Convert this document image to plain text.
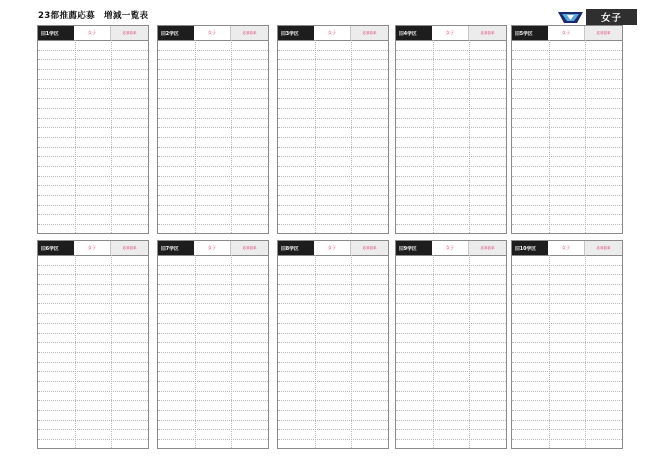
23都推薦応募　増減一覧表	女子
旧1学区	女子	応募倍率	旧2学区	女子	応募倍率	旧3学区	女子	応募倍率	旧4学区	女子	応募倍率	旧5学区	女子	応募倍率
旧6学区	女子	応募倍率	旧7学区	女子	応募倍率	旧8学区	女子	応募倍率	旧9学区	女子	応募倍率	旧10学区	女子	応募倍率
